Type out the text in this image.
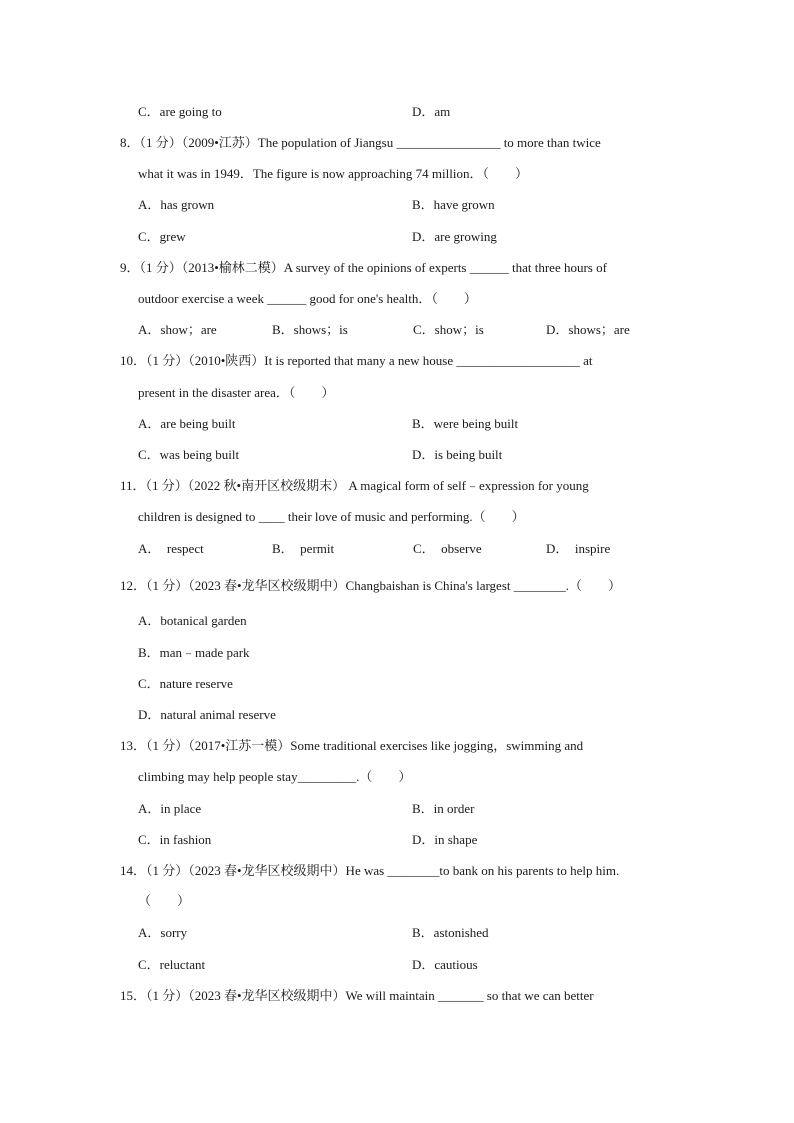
C．are going to	D．am
8．（1 分）（2009•江苏）The population of Jiangsu ________________ to more than twice
what it was in 1949．The figure is now approaching 74 million．（　　）
A．has grown	B．have grown
C．grew	D．are growing
9．（1 分）（2013•榆林二模）A survey of the opinions of experts ______ that three hours of
outdoor exercise a week ______ good for one's health．（　　）
A．show；are	B．shows；is	C．show；is	D．shows；are
10．（1 分）（2010•陕西）It is reported that many a new house ___________________ at
present in the disaster area．（　　）
A．are being built	B．were being built
C．was being built	D．is being built
11．（1 分）（2022 秋•南开区校级期末） A magical form of self﹣expression for young
children is designed to ____ their love of music and performing.（　　）
A．　respect	B．　permit	C．　observe	D．　inspire
12．（1 分）（2023 春•龙华区校级期中）Changbaishan is China's largest ________.（　　）
A．botanical garden
B．man﹣made park
C．nature reserve
D．natural animal reserve
13．（1 分）（2017•江苏一模）Some traditional exercises like jogging，swimming and
climbing may help people stay_________.（　　）
A．in place	B．in order
C．in fashion	D．in shape
14．（1 分）（2023 春•龙华区校级期中）He was ________to bank on his parents to help him.
（　　）
A．sorry	B．astonished
C．reluctant	D．cautious
15．（1 分）（2023 春•龙华区校级期中）We will maintain _______ so that we can better
